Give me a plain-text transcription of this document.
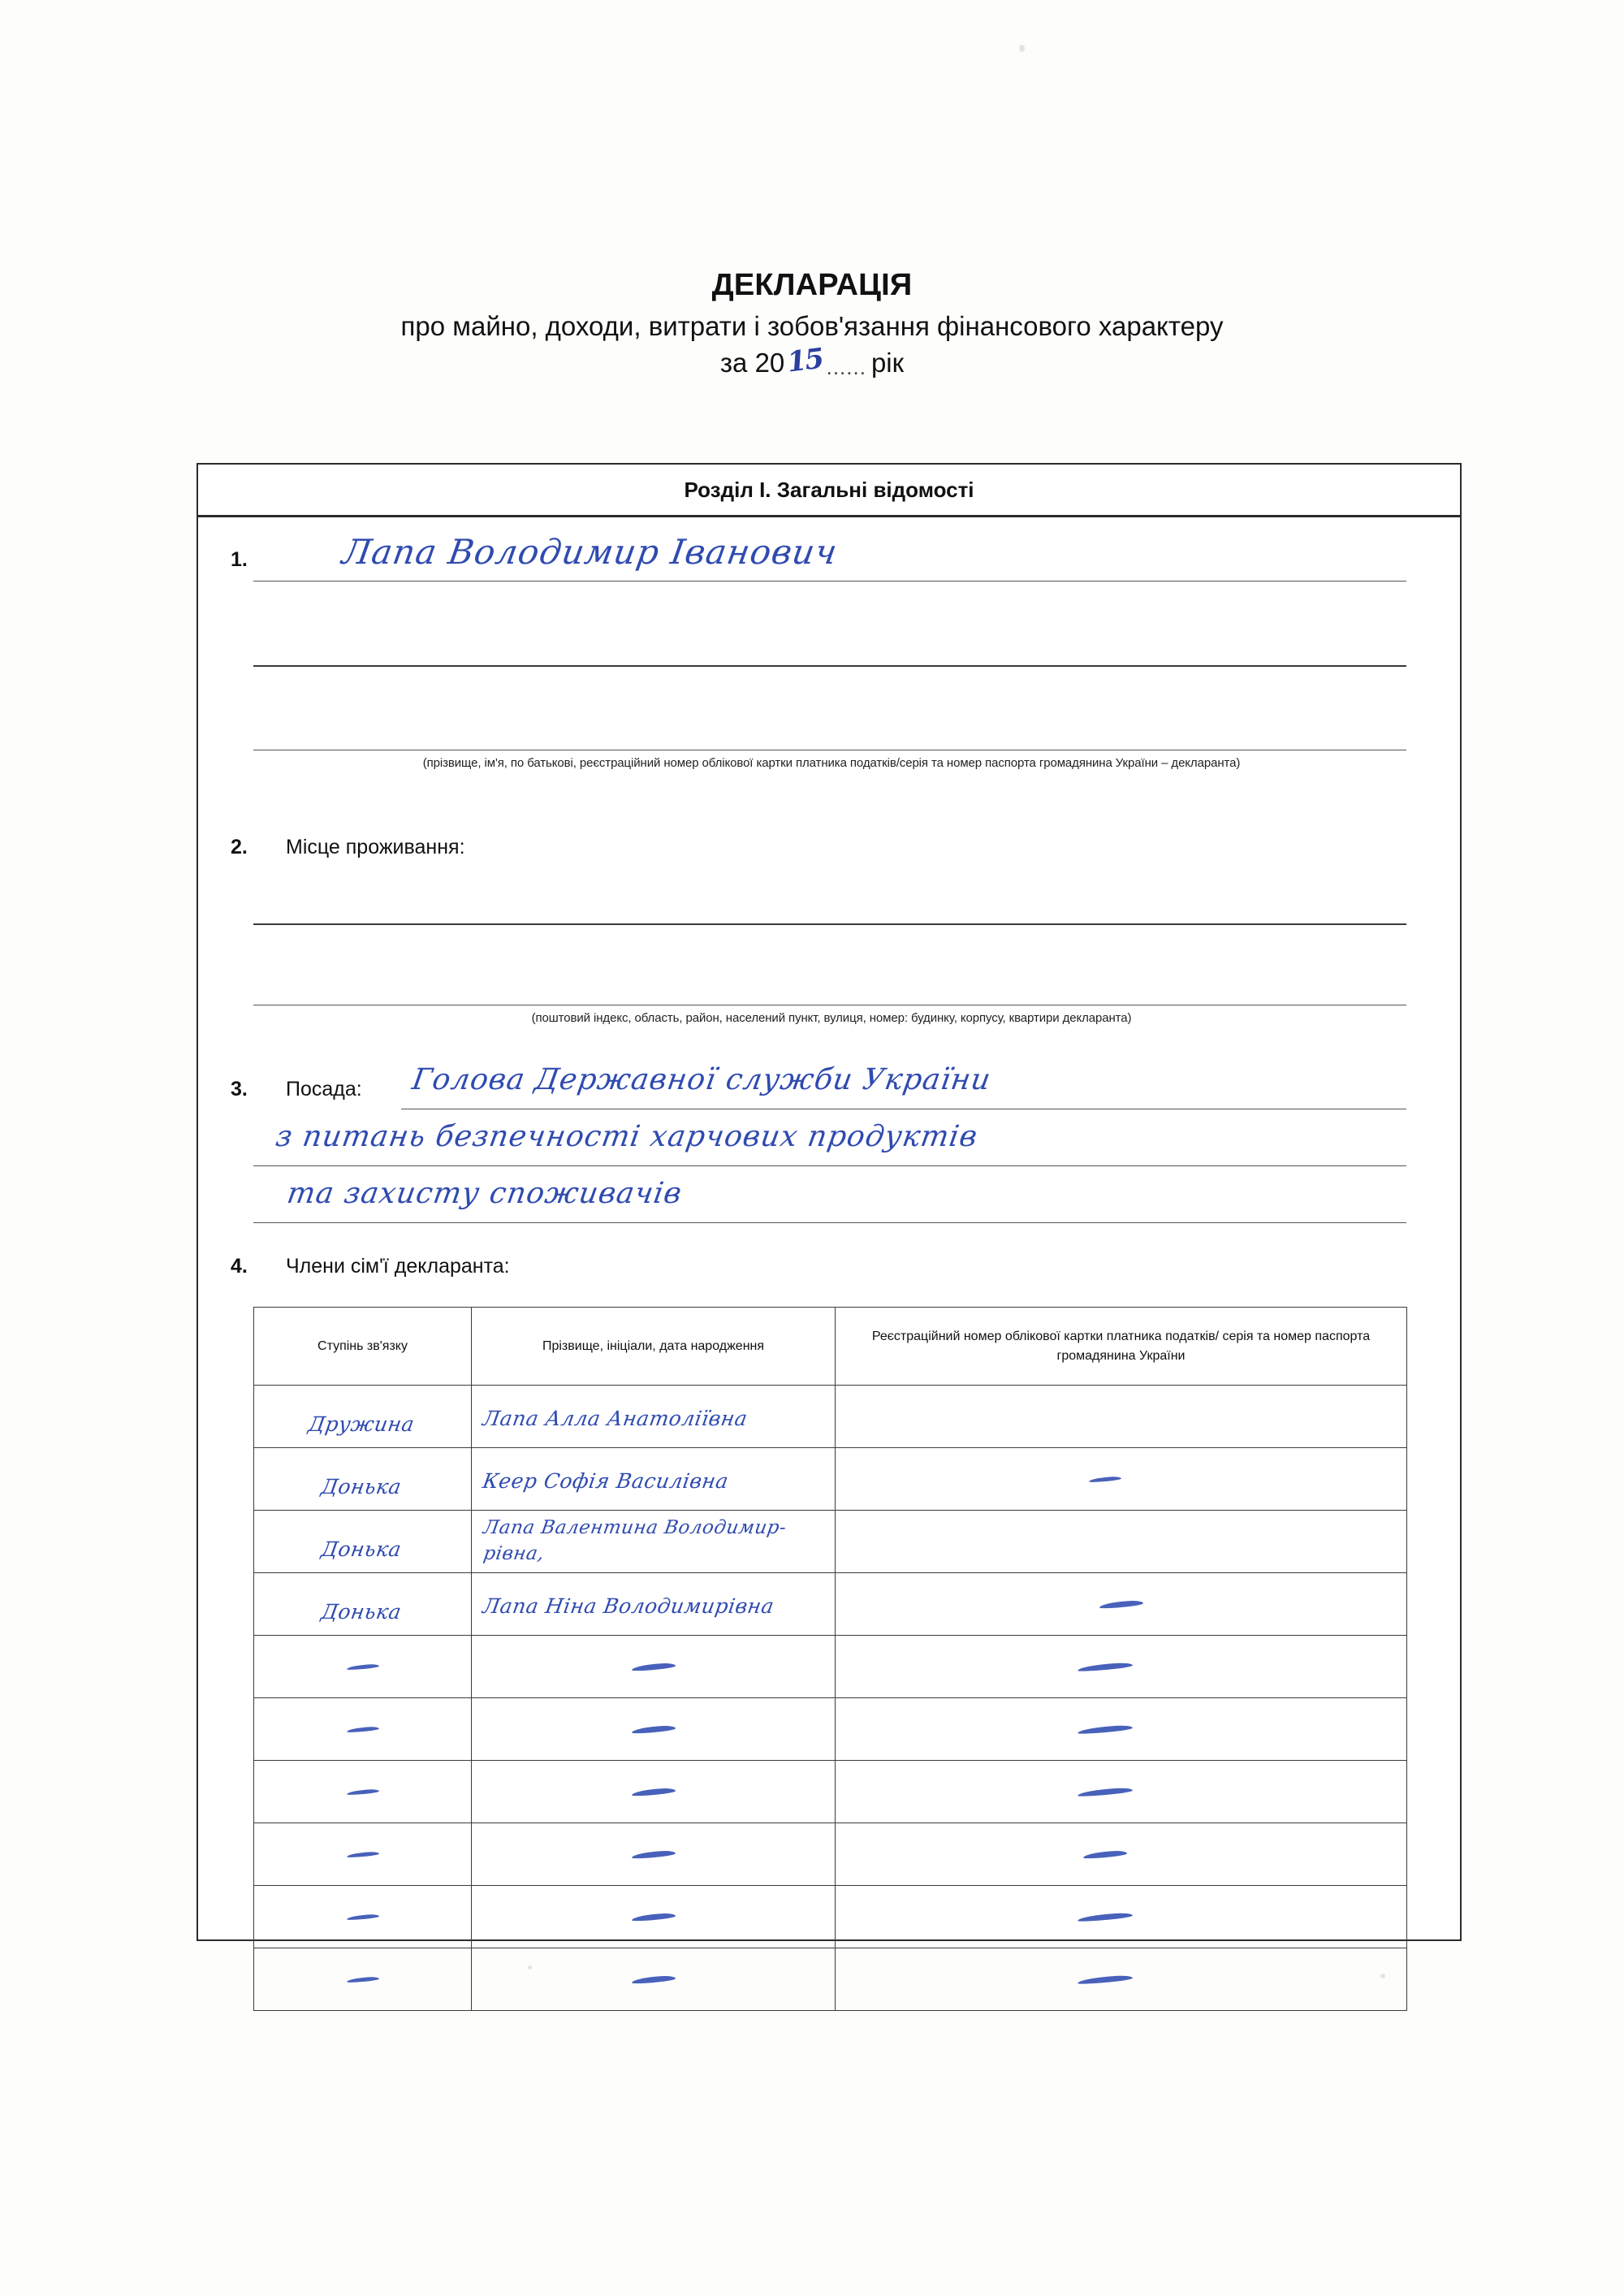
ДЕКЛАРАЦІЯ
про майно, доходи, витрати і зобов'язання фінансового характеру
за 20 15 ...... рік
Розділ I. Загальні відомості
1.	Лапа Володимир Іванович
(прізвище, ім'я, по батькові, реєстраційний номер облікової картки платника податків/серія та номер паспорта громадянина України – декларанта)
2. Місце проживання:
(поштовий індекс, область, район, населений пункт, вулиця, номер: будинку, корпусу, квартири декларанта)
3. Посада: Голова Державної служби України
з питань безпечності харчових продуктів
та захисту споживачів
4. Члени сім'ї декларанта:
Ступінь зв'язку	Прізвище, ініціали, дата народження	Реєстраційний номер облікової картки платника податків/ серія та номер паспорта громадянина України

Дружина	Лапа Алла Анатоліївна	

Донька	Кеер Софія Василівна	

Донька	Лапа Валентина Володимир-
рівна,	

Донька	Лапа Ніна Володимирівна	
